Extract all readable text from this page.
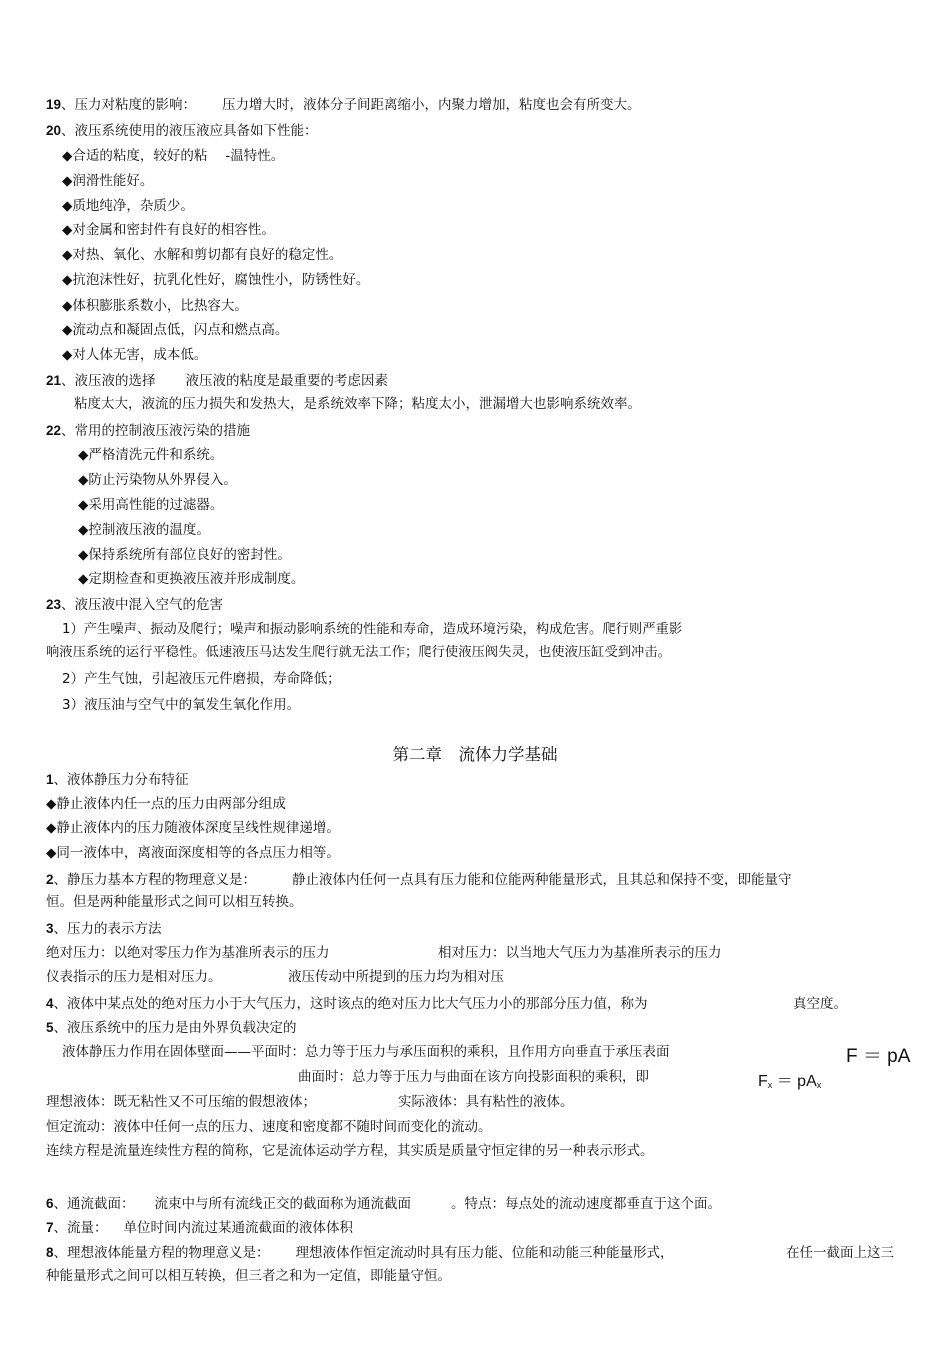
19、压力对粘度的影响： 压力增大时，液体分子间距离缩小，内聚力增加，粘度也会有所变大。
20、液压系统使用的液压液应具备如下性能：
◆合适的粘度，较好的粘 -温特性。
◆润滑性能好。
◆质地纯净，杂质少。
◆对金属和密封件有良好的相容性。
◆对热、氧化、水解和剪切都有良好的稳定性。
◆抗泡沫性好，抗乳化性好，腐蚀性小，防锈性好。
◆体积膨胀系数小，比热容大。
◆流动点和凝固点低，闪点和燃点高。
◆对人体无害，成本低。
21、液压液的选择 液压液的粘度是最重要的考虑因素
粘度太大，液流的压力损失和发热大，是系统效率下降；粘度太小，泄漏增大也影响系统效率。
22、常用的控制液压液污染的措施
◆严格清洗元件和系统。
◆防止污染物从外界侵入。
◆采用高性能的过滤器。
◆控制液压液的温度。
◆保持系统所有部位良好的密封性。
◆定期检查和更换液压液并形成制度。
23、液压液中混入空气的危害
1）产生噪声、振动及爬行；噪声和振动影响系统的性能和寿命，造成环境污染，构成危害。爬行则严重影
响液压系统的运行平稳性。低速液压马达发生爬行就无法工作；爬行使液压阀失灵，也使液压缸受到冲击。
2）产生气蚀，引起液压元件磨损，寿命降低；
3）液压油与空气中的氧发生氧化作用。
第二章　流体力学基础
1、液体静压力分布特征
◆静止液体内任一点的压力由两部分组成
◆静止液体内的压力随液体深度呈线性规律递增。
◆同一液体中，离液面深度相等的各点压力相等。
2、静压力基本方程的物理意义是：	静止液体内任何一点具有压力能和位能两种能量形式，且其总和保持不变，即能量守
恒。但是两种能量形式之间可以相互转换。
3、压力的表示方法
绝对压力：以绝对零压力作为基准所表示的压力	相对压力：以当地大气压力为基准所表示的压力
仪表指示的压力是相对压力。	液压传动中所提到的压力均为相对压
4、液体中某点处的绝对压力小于大气压力，这时该点的绝对压力比大气压力小的那部分压力值，称为	真空度。
5、液压系统中的压力是由外界负载决定的
液体静压力作用在固体壁面——平面时：总力等于压力与承压面积的乘积，且作用方向垂直于承压表面	F ＝ pA
曲面时：总力等于压力与曲面在该方向投影面积的乘积，即	$F_x = pA_x$
理想液体：既无粘性又不可压缩的假想液体；	实际液体：具有粘性的液体。
恒定流动：液体中任何一点的压力、速度和密度都不随时间而变化的流动。
连续方程是流量连续性方程的简称，它是流体运动学方程，其实质是质量守恒定律的另一种表示形式。
6、通流截面： 流束中与所有流线正交的截面称为通流截面	。特点：每点处的流动速度都垂直于这个面。
7、流量： 单位时间内流过某通流截面的液体体积
8、理想液体能量方程的物理意义是： 理想液体作恒定流动时具有压力能、位能和动能三种能量形式，	在任一截面上这三
种能量形式之间可以相互转换，但三者之和为一定值，即能量守恒。
